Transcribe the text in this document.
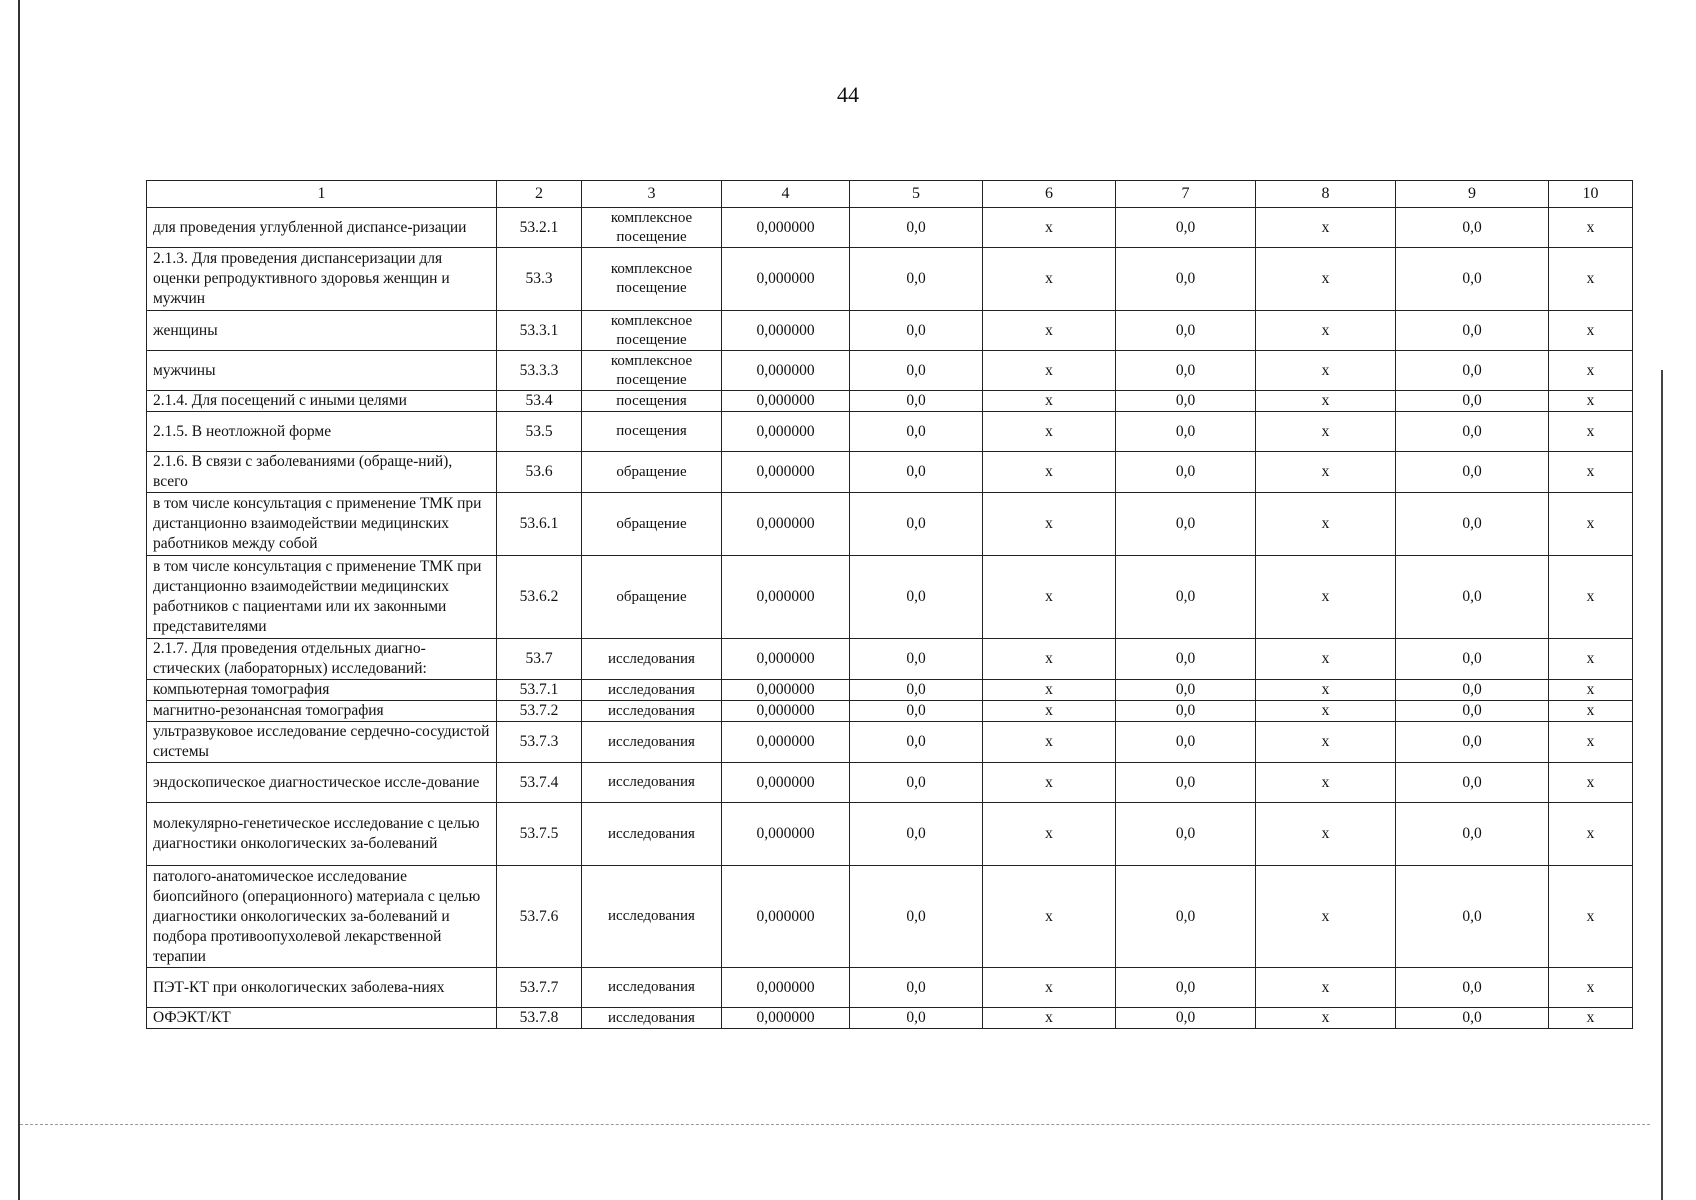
44
1	2	3	4	5	6	7	8	9	10
для проведения углубленной диспансе-ризации	53.2.1	комплексное посещение	0,000000	0,0	х	0,0	х	0,0	х
2.1.3. Для проведения диспансеризации для оценки репродуктивного здоровья женщин и мужчин	53.3	комплексное посещение	0,000000	0,0	х	0,0	х	0,0	х
женщины	53.3.1	комплексное посещение	0,000000	0,0	х	0,0	х	0,0	х
мужчины	53.3.3	комплексное посещение	0,000000	0,0	х	0,0	х	0,0	х
2.1.4. Для посещений с иными целями	53.4	посещения	0,000000	0,0	х	0,0	х	0,0	х
2.1.5. В неотложной форме	53.5	посещения	0,000000	0,0	х	0,0	х	0,0	х
2.1.6. В связи с заболеваниями (обраще-ний), всего	53.6	обращение	0,000000	0,0	х	0,0	х	0,0	х
в том числе консультация с применение ТМК при дистанционно взаимодействии медицинских работников между собой	53.6.1	обращение	0,000000	0,0	х	0,0	х	0,0	х
в том числе консультация с применение ТМК при дистанционно взаимодействии медицинских работников с пациентами или их законными представителями	53.6.2	обращение	0,000000	0,0	х	0,0	х	0,0	х
2.1.7. Для проведения отдельных диагно-стических (лабораторных) исследований:	53.7	исследования	0,000000	0,0	х	0,0	х	0,0	х
компьютерная томография	53.7.1	исследования	0,000000	0,0	х	0,0	х	0,0	х
магнитно-резонансная томография	53.7.2	исследования	0,000000	0,0	х	0,0	х	0,0	х
ультразвуковое исследование сердечно-сосудистой системы	53.7.3	исследования	0,000000	0,0	х	0,0	х	0,0	х
эндоскопическое диагностическое иссле-дование	53.7.4	исследования	0,000000	0,0	х	0,0	х	0,0	х
молекулярно-генетическое исследование с целью диагностики онкологических за-болеваний	53.7.5	исследования	0,000000	0,0	х	0,0	х	0,0	х
патолого-анатомическое исследование биопсийного (операционного) материала с целью диагностики онкологических за-болеваний и подбора противоопухолевой лекарственной терапии	53.7.6	исследования	0,000000	0,0	х	0,0	х	0,0	х
ПЭТ-КТ при онкологических заболева-ниях	53.7.7	исследования	0,000000	0,0	х	0,0	х	0,0	х
ОФЭКТ/КТ	53.7.8	исследования	0,000000	0,0	х	0,0	х	0,0	х
